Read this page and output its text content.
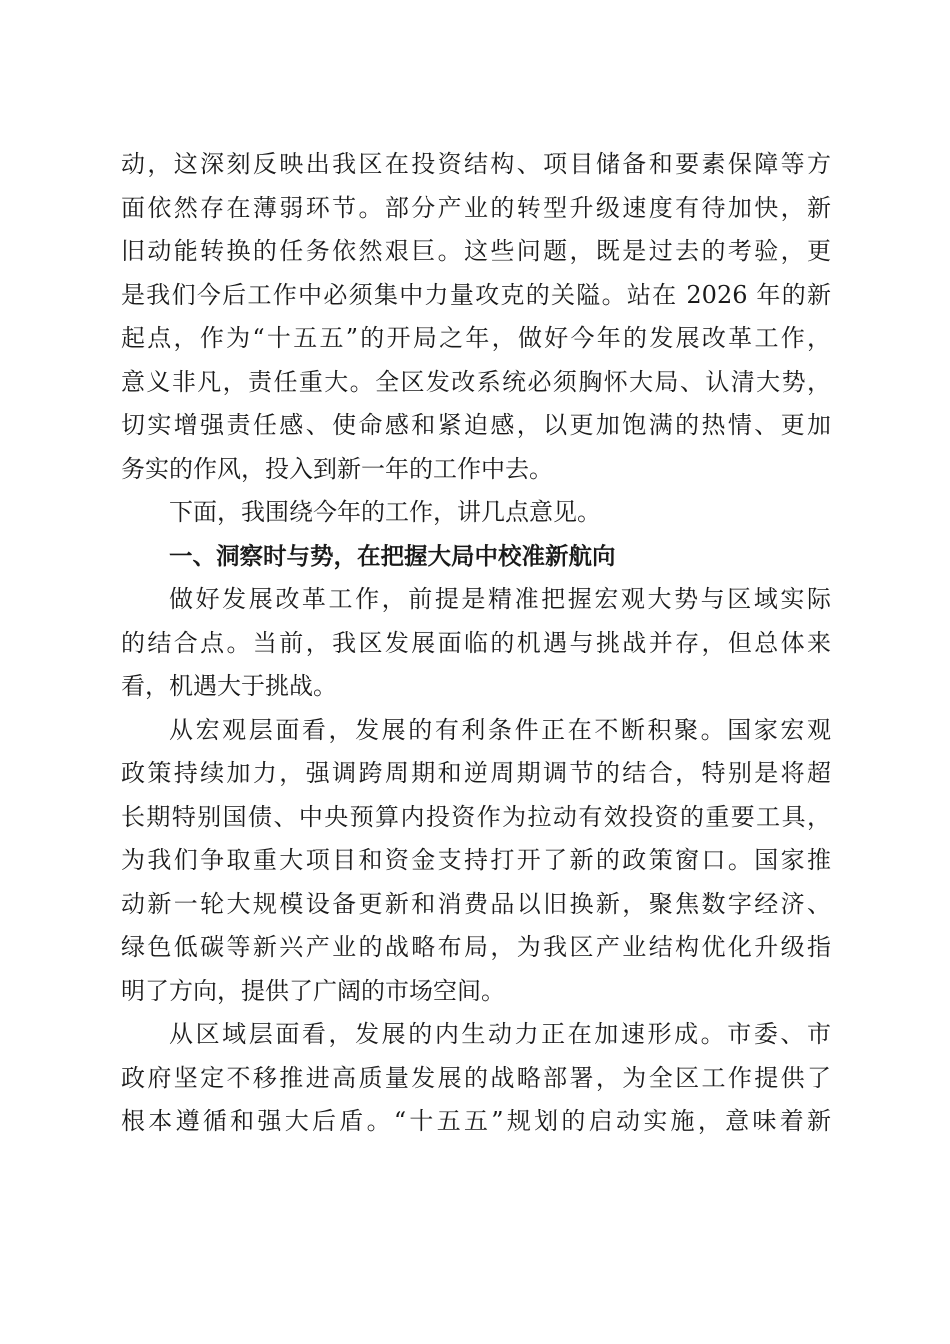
动，这深刻反映出我区在投资结构、项目储备和要素保障等方
面依然存在薄弱环节。部分产业的转型升级速度有待加快，新
旧动能转换的任务依然艰巨。这些问题，既是过去的考验，更
是我们今后工作中必须集中力量攻克的关隘。站在 2026 年的新
起点，作为“十五五”的开局之年，做好今年的发展改革工作，
意义非凡，责任重大。全区发改系统必须胸怀大局、认清大势，
切实增强责任感、使命感和紧迫感，以更加饱满的热情、更加
务实的作风，投入到新一年的工作中去。
下面，我围绕今年的工作，讲几点意见。
一、洞察时与势，在把握大局中校准新航向
做好发展改革工作，前提是精准把握宏观大势与区域实际
的结合点。当前，我区发展面临的机遇与挑战并存，但总体来
看，机遇大于挑战。
从宏观层面看，发展的有利条件正在不断积聚。国家宏观
政策持续加力，强调跨周期和逆周期调节的结合，特别是将超
长期特别国债、中央预算内投资作为拉动有效投资的重要工具，
为我们争取重大项目和资金支持打开了新的政策窗口。国家推
动新一轮大规模设备更新和消费品以旧换新，聚焦数字经济、
绿色低碳等新兴产业的战略布局，为我区产业结构优化升级指
明了方向，提供了广阔的市场空间。
从区域层面看，发展的内生动力正在加速形成。市委、市
政府坚定不移推进高质量发展的战略部署，为全区工作提供了
根本遵循和强大后盾。“十五五”规划的启动实施，意味着新
